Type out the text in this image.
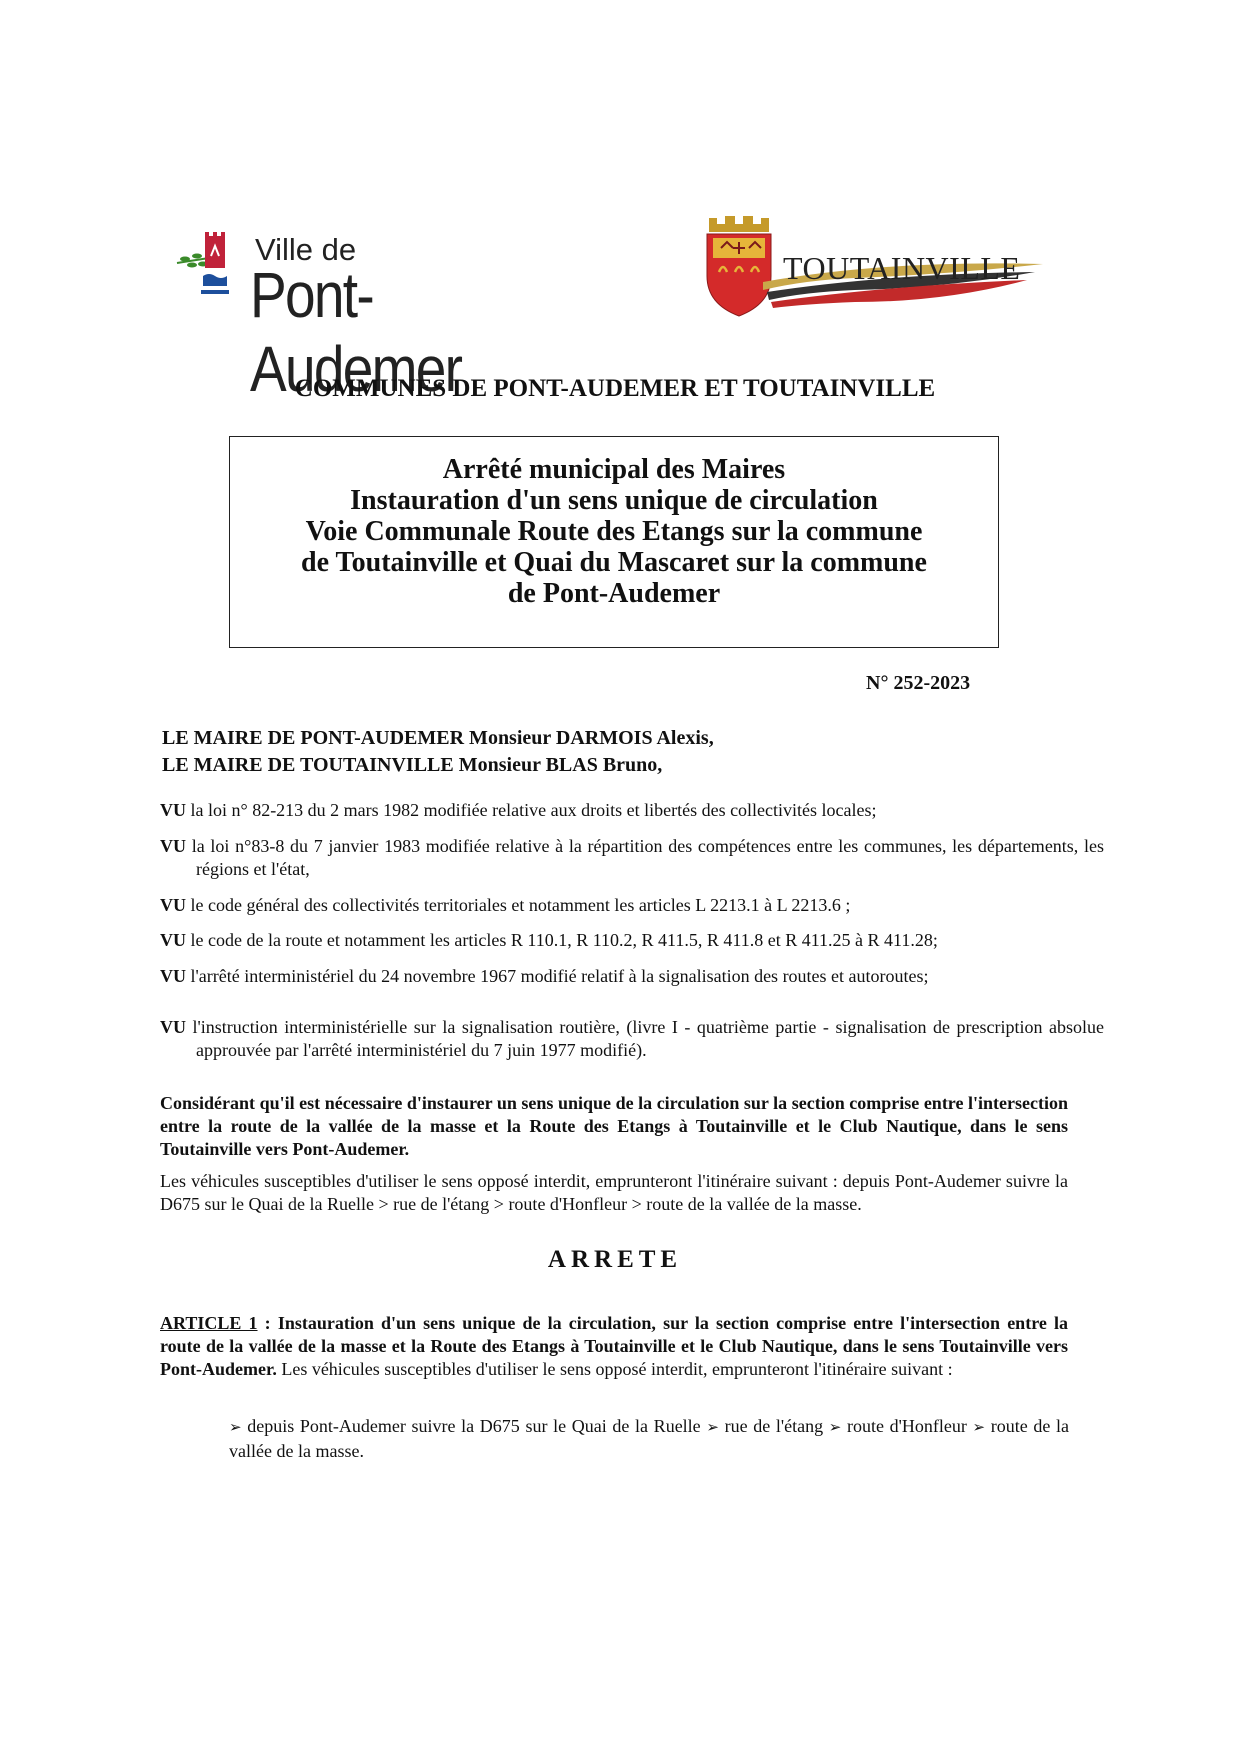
Ville de
Pont-Audemer
TOUTAINVILLE
COMMUNES DE PONT-AUDEMER ET TOUTAINVILLE
Arrêté municipal des Maires
Instauration d'un sens unique de circulation
Voie Communale Route des Etangs sur la commune
de Toutainville et Quai du Mascaret sur la commune
de Pont-Audemer
N° 252-2023
LE MAIRE DE PONT-AUDEMER Monsieur DARMOIS Alexis,
LE MAIRE DE TOUTAINVILLE Monsieur BLAS Bruno,
VU la loi n° 82-213 du 2 mars 1982 modifiée relative aux droits et libertés des collectivités locales;
VU la loi n°83-8 du 7 janvier 1983 modifiée relative à la répartition des compétences entre les communes, les départements, les régions et l'état,
VU le code général des collectivités territoriales et notamment les articles L 2213.1 à L 2213.6 ;
VU le code de la route et notamment les articles R 110.1, R 110.2, R 411.5, R 411.8 et R 411.25 à R 411.28;
VU l'arrêté interministériel du 24 novembre 1967 modifié relatif à la signalisation des routes et autoroutes;
VU l'instruction interministérielle sur la signalisation routière, (livre I - quatrième partie - signalisation de prescription absolue approuvée par l'arrêté interministériel du 7 juin 1977 modifié).
Considérant qu'il est nécessaire d'instaurer un sens unique de la circulation sur la section comprise entre l'intersection entre la route de la vallée de la masse et la Route des Etangs à Toutainville et le Club Nautique, dans le sens Toutainville vers Pont-Audemer.
Les véhicules susceptibles d'utiliser le sens opposé interdit, emprunteront l'itinéraire suivant : depuis Pont-Audemer suivre la D675 sur le Quai de la Ruelle > rue de l'étang > route d'Honfleur > route de la vallée de la masse.
ARRETE
ARTICLE 1 : Instauration d'un sens unique de la circulation, sur la section comprise entre l'intersection entre la route de la vallée de la masse et la Route des Etangs à Toutainville et le Club Nautique, dans le sens Toutainville vers Pont-Audemer. Les véhicules susceptibles d'utiliser le sens opposé interdit, emprunteront l'itinéraire suivant :
➢ depuis Pont-Audemer suivre la D675 sur le Quai de la Ruelle ➢ rue de l'étang ➢ route d'Honfleur ➢ route de la vallée de la masse.
